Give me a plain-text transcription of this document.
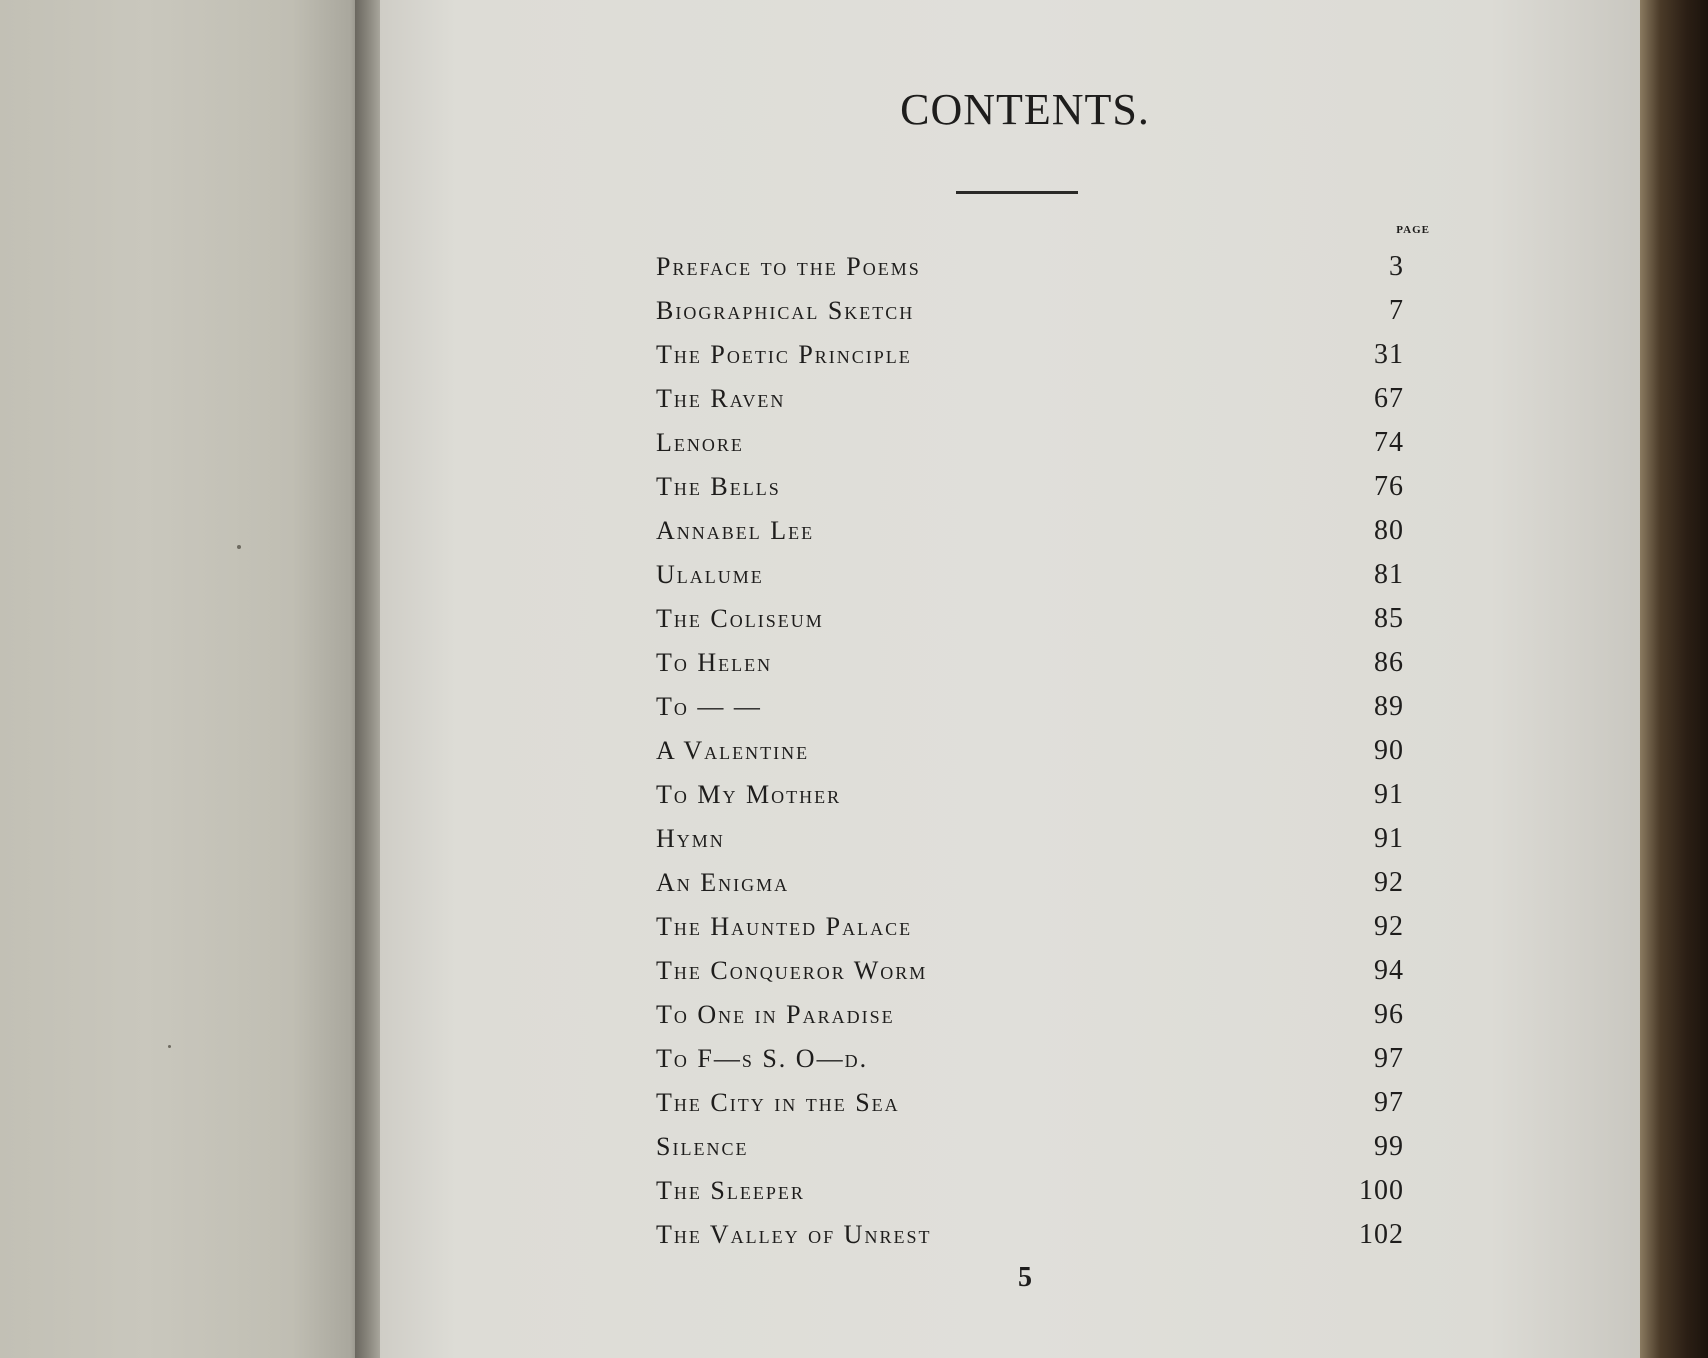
CONTENTS.
page
Preface to the Poems	3
Biographical Sketch	7
The Poetic Principle	31
The Raven	67
Lenore	74
The Bells	76
Annabel Lee	80
Ulalume	81
The Coliseum	85
To Helen	86
To — —	89
A Valentine	90
To My Mother	91
Hymn	91
An Enigma	92
The Haunted Palace	92
The Conqueror Worm	94
To One in Paradise	96
To F—s S. O—d.	97
The City in the Sea	97
Silence	99
The Sleeper	100
The Valley of Unrest	102
5
